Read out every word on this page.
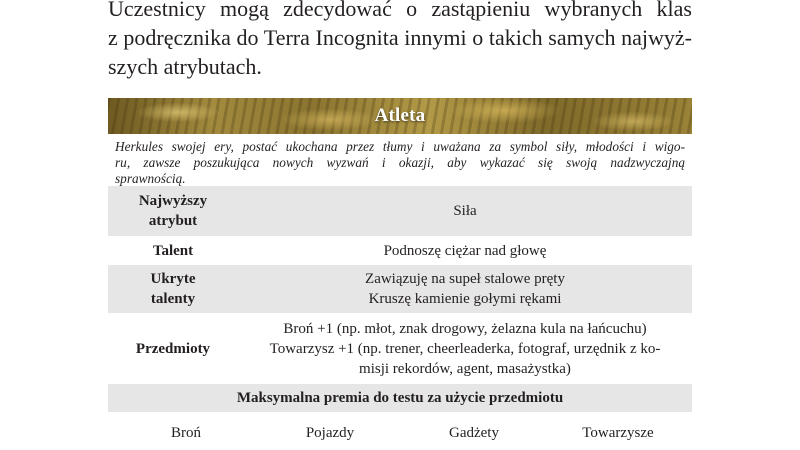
Uczestnicy mogą zdecydować o zastąpieniu wybranych klas
z podręcznika do Terra Incognita innymi o takich samych najwyż-
szych atrybutach.

Atleta
Herkules swojej ery, postać ukochana przez tłumy i uważana za symbol siły, młodości i wigo-
ru, zawsze poszukująca nowych wyzwań i okazji, aby wykazać się swoją nadzwyczajną
sprawnością.
Najwyższy
atrybut	Siła
Talent	Podnoszę ciężar nad głowę

Ukryte
talenty	Zawiązuję na supeł stalowe pręty
Kruszę kamienie gołymi rękami

Przedmioty	Broń +1 (np. młot, znak drogowy, żelazna kula na łańcuchu)
Towarzysz +1 (np. trener, cheerleaderka, fotograf, urzędnik z ko-
misji rekordów, agent, masażystka)

Maksymalna premia do testu za użycie przedmiotu	
Broń	Pojazdy	Gadżety	Towarzysze
